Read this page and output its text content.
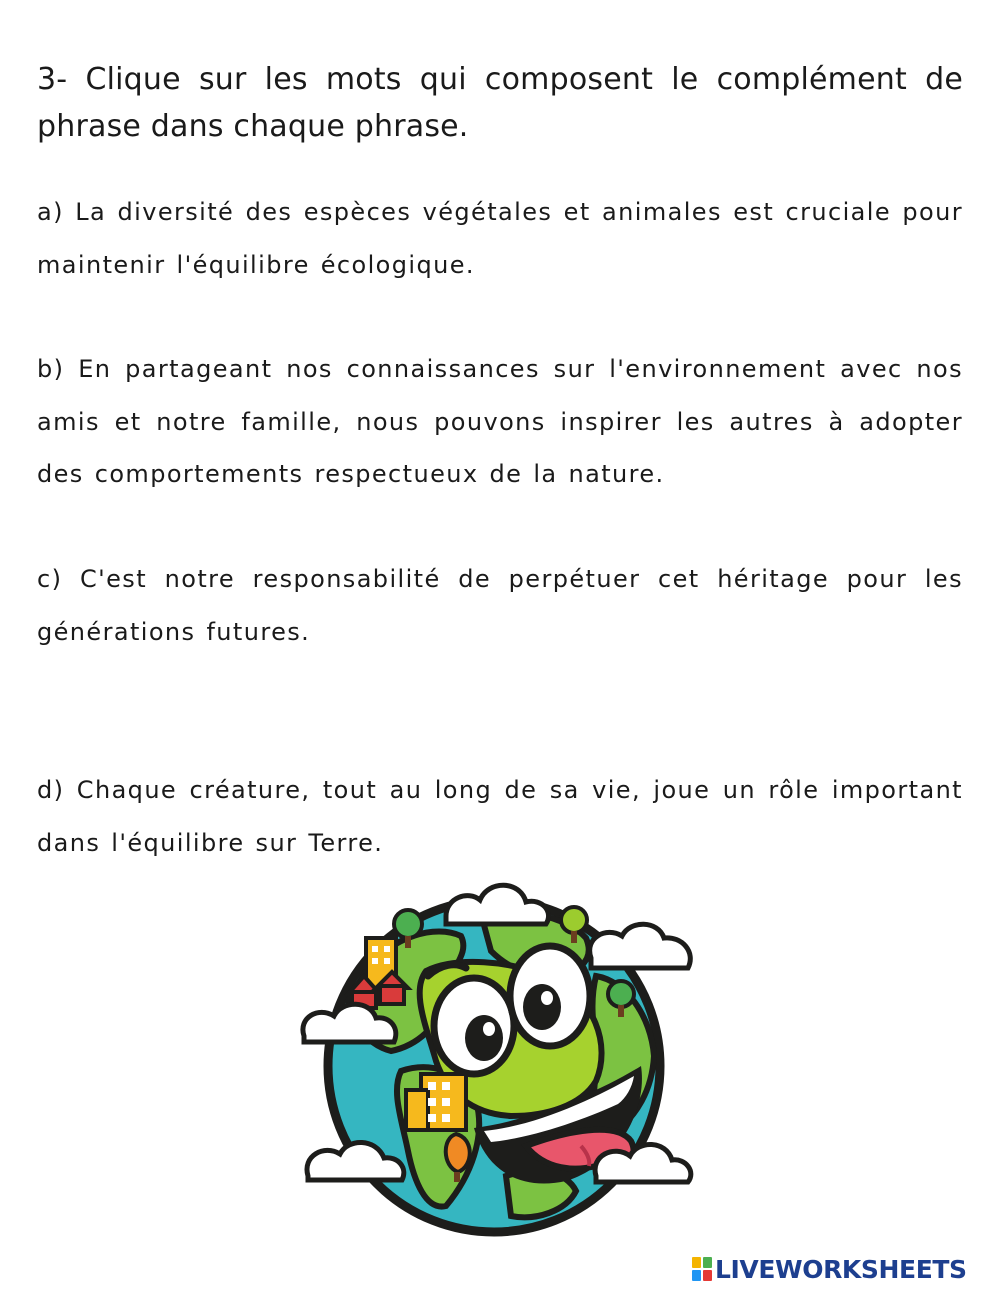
3- Clique sur les mots qui composent le complément de phrase dans chaque phrase.

a) La diversité des espèces végétales et animales est cruciale pour maintenir l'équilibre écologique.

b) En partageant nos connaissances sur l'environnement avec nos amis et notre famille, nous pouvons inspirer les autres à adopter des comportements respectueux de la nature.

c) C'est notre responsabilité de perpétuer cet héritage pour les générations futures.

d) Chaque créature, tout au long de sa vie, joue un rôle important dans l'équilibre sur Terre.

LIVEWORKSHEETS
